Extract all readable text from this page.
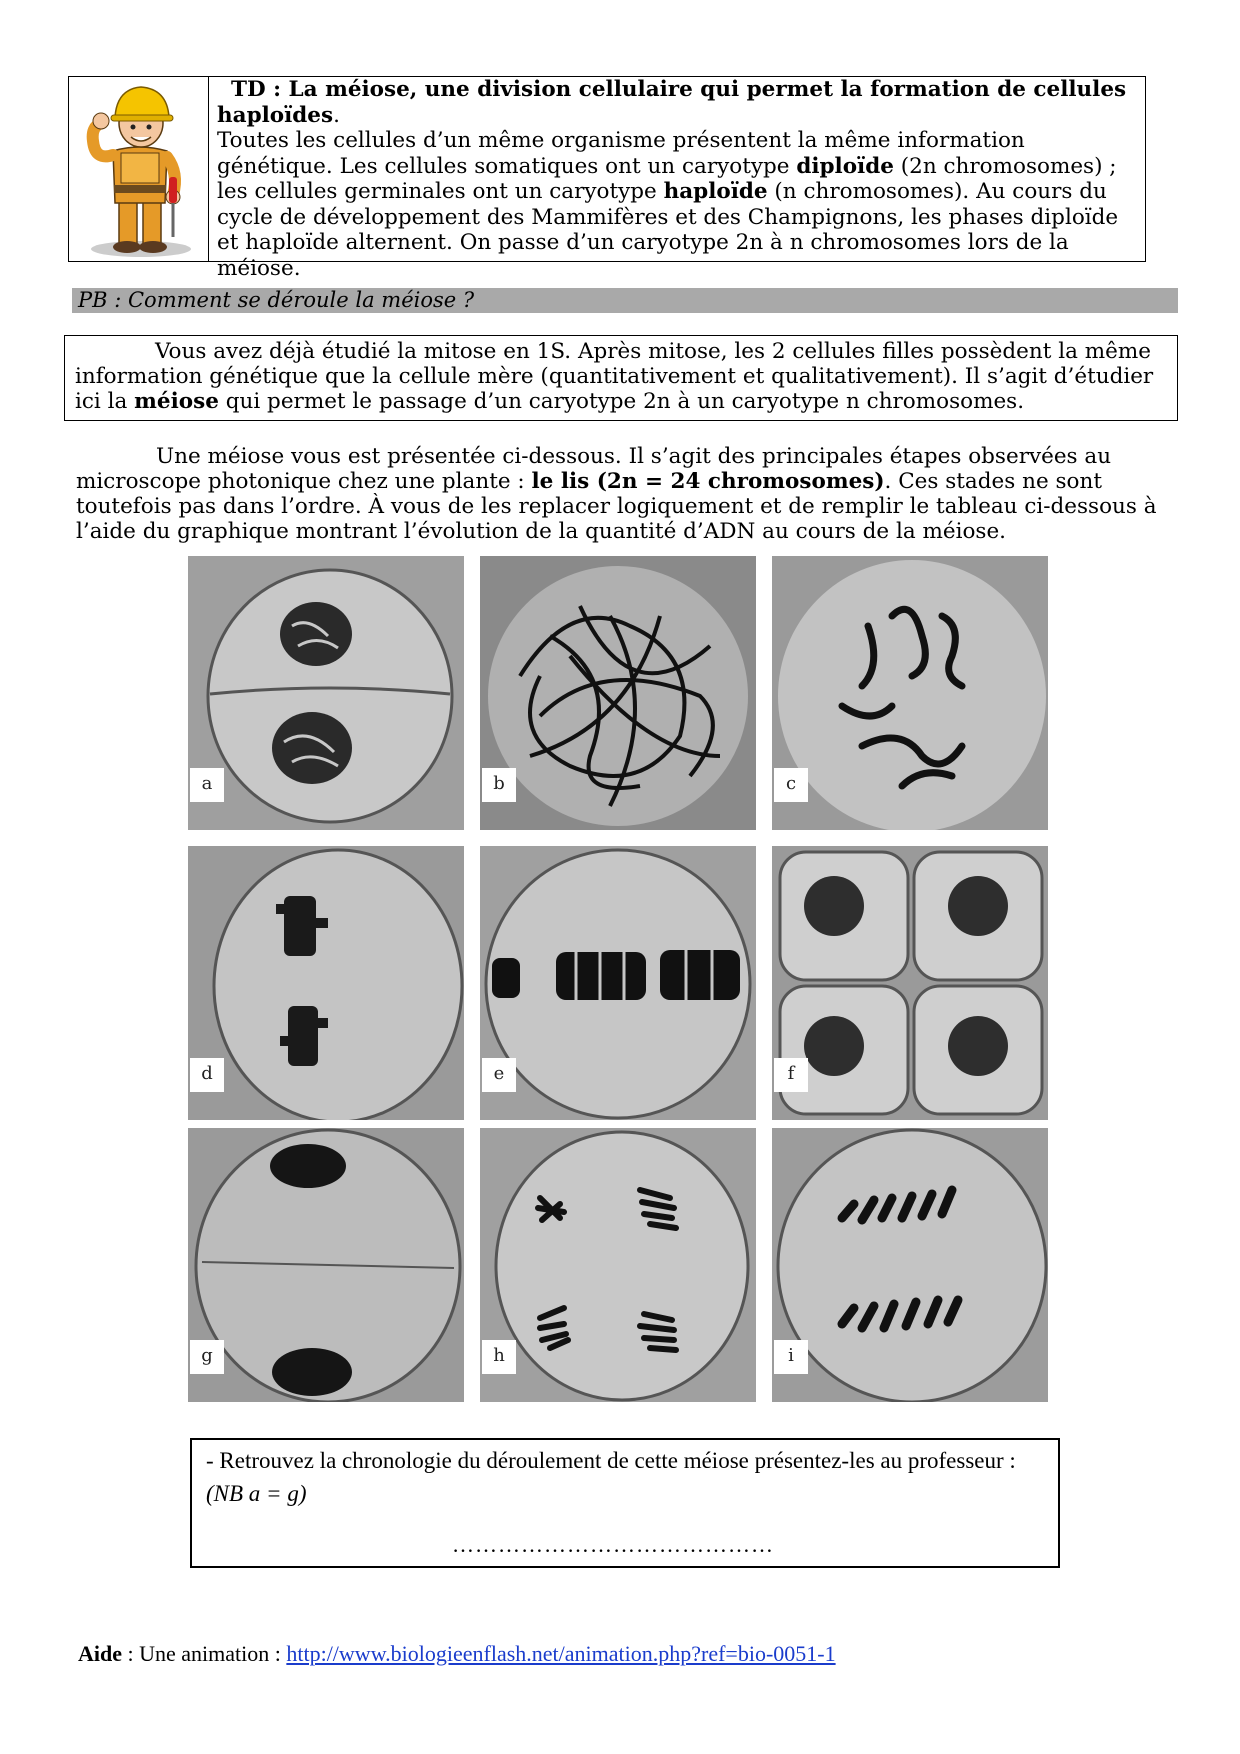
TD : La méiose, une division cellulaire qui permet la formation de cellules haploïdes.

Toutes les cellules d’un même organisme présentent la même information génétique. Les cellules somatiques ont un caryotype diploïde (2n chromosomes) ; les cellules germinales ont un caryotype haploïde (n chromosomes). Au cours du cycle de développement des Mammifères et des Champignons, les phases diploïde et haploïde alternent. On passe d’un caryotype 2n à n chromosomes lors de la méiose.

PB : Comment se déroule la méiose ?

Vous avez déjà étudié la mitose en 1S. Après mitose, les 2 cellules filles possèdent la même information génétique que la cellule mère (quantitativement et qualitativement). Il s’agit d’étudier ici la méiose qui permet le passage d’un caryotype 2n à un caryotype n chromosomes.

Une méiose vous est présentée ci-dessous. Il s’agit des principales étapes observées au microscope photonique chez une plante : le lis (2n = 24 chromosomes). Ces stades ne sont toutefois pas dans l’ordre. À vous de les replacer logiquement et de remplir le tableau ci-dessous à l’aide du graphique montrant l’évolution de la quantité d’ADN au cours de la méiose.

a	b	c
d	e	f
g	h	i

- Retrouvez la chronologie du déroulement de cette méiose présentez-les au professeur : (NB a = g)

……………………………………
Aide : Une animation : http://www.biologieenflash.net/animation.php?ref=bio-0051-1
